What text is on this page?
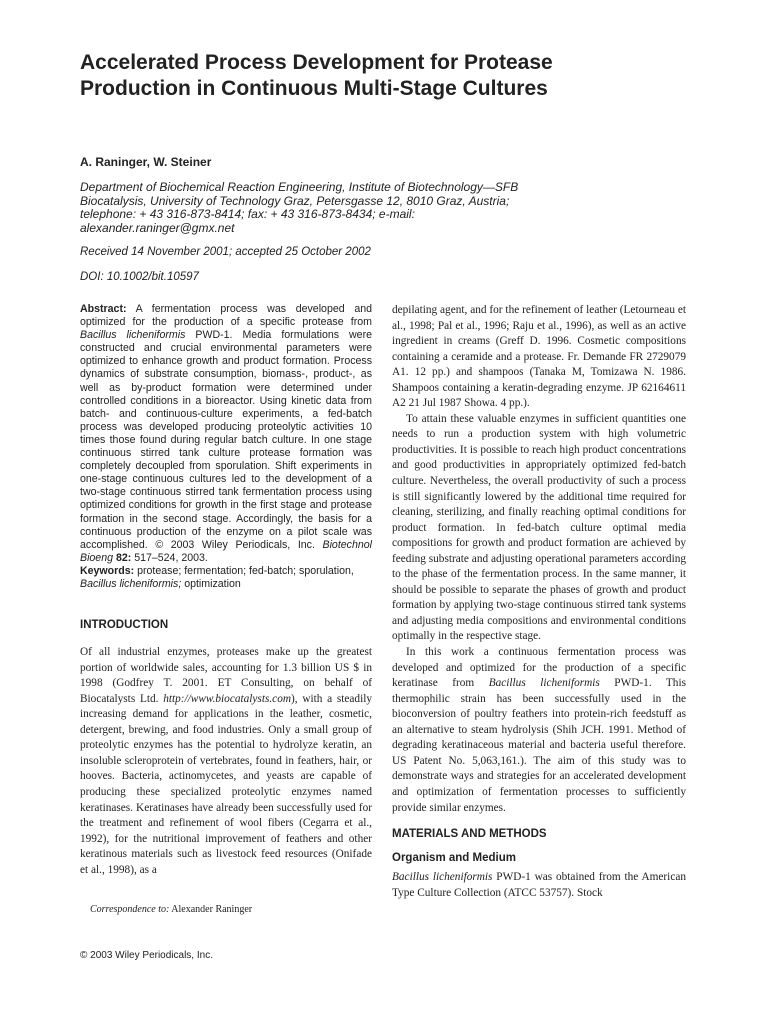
Accelerated Process Development for Protease Production in Continuous Multi-Stage Cultures
A. Raninger, W. Steiner
Department of Biochemical Reaction Engineering, Institute of Biotechnology—SFB Biocatalysis, University of Technology Graz, Petersgasse 12, 8010 Graz, Austria; telephone: + 43 316-873-8414; fax: + 43 316-873-8434; e-mail: alexander.raninger@gmx.net
Received 14 November 2001; accepted 25 October 2002
DOI: 10.1002/bit.10597

Abstract: A fermentation process was developed and optimized for the production of a specific protease from Bacillus licheniformis PWD-1. Media formulations were constructed and crucial environmental parameters were optimized to enhance growth and product formation. Process dynamics of substrate consumption, biomass-, product-, as well as by-product formation were determined under controlled conditions in a bioreactor. Using kinetic data from batch- and continuous-culture experiments, a fed-batch process was developed producing proteolytic activities 10 times those found during regular batch culture. In one stage continuous stirred tank culture protease formation was completely decoupled from sporulation. Shift experiments in one-stage continuous cultures led to the development of a two-stage continuous stirred tank fermentation process using optimized conditions for growth in the first stage and protease formation in the second stage. Accordingly, the basis for a continuous production of the enzyme on a pilot scale was accomplished. © 2003 Wiley Periodicals, Inc. Biotechnol Bioeng 82: 517–524, 2003.

Keywords: protease; fermentation; fed-batch; sporulation, Bacillus licheniformis; optimization

INTRODUCTION

Of all industrial enzymes, proteases make up the greatest portion of worldwide sales, accounting for 1.3 billion US $ in 1998 (Godfrey T. 2001. ET Consulting, on behalf of Biocatalysts Ltd. http://www.biocatalysts.com), with a steadily increasing demand for applications in the leather, cosmetic, detergent, brewing, and food industries. Only a small group of proteolytic enzymes has the potential to hydrolyze keratin, an insoluble scleroprotein of vertebrates, found in feathers, hair, or hooves. Bacteria, actinomycetes, and yeasts are capable of producing these specialized proteolytic enzymes named keratinases. Keratinases have already been successfully used for the treatment and refinement of wool fibers (Cegarra et al., 1992), for the nutritional improvement of feathers and other keratinous materials such as livestock feed resources (Onifade et al., 1998), as a

depilating agent, and for the refinement of leather (Letourneau et al., 1998; Pal et al., 1996; Raju et al., 1996), as well as an active ingredient in creams (Greff D. 1996. Cosmetic compositions containing a ceramide and a protease. Fr. Demande FR 2729079 A1. 12 pp.) and shampoos (Tanaka M, Tomizawa N. 1986. Shampoos containing a keratin-degrading enzyme. JP 62164611 A2 21 Jul 1987 Showa. 4 pp.).

To attain these valuable enzymes in sufficient quantities one needs to run a production system with high volumetric productivities. It is possible to reach high product concentrations and good productivities in appropriately optimized fed-batch culture. Nevertheless, the overall productivity of such a process is still significantly lowered by the additional time required for cleaning, sterilizing, and finally reaching optimal conditions for product formation. In fed-batch culture optimal media compositions for growth and product formation are achieved by feeding substrate and adjusting operational parameters according to the phase of the fermentation process. In the same manner, it should be possible to separate the phases of growth and product formation by applying two-stage continuous stirred tank systems and adjusting media compositions and environmental conditions optimally in the respective stage.

In this work a continuous fermentation process was developed and optimized for the production of a specific keratinase from Bacillus licheniformis PWD-1. This thermophilic strain has been successfully used in the bioconversion of poultry feathers into protein-rich feedstuff as an alternative to steam hydrolysis (Shih JCH. 1991. Method of degrading keratinaceous material and bacteria useful therefore. US Patent No. 5,063,161.). The aim of this study was to demonstrate ways and strategies for an accelerated development and optimization of fermentation processes to sufficiently provide similar enzymes.

MATERIALS AND METHODS
Organism and Medium

Bacillus licheniformis PWD-1 was obtained from the American Type Culture Collection (ATCC 53757). Stock

Correspondence to: Alexander Raninger
© 2003 Wiley Periodicals, Inc.
